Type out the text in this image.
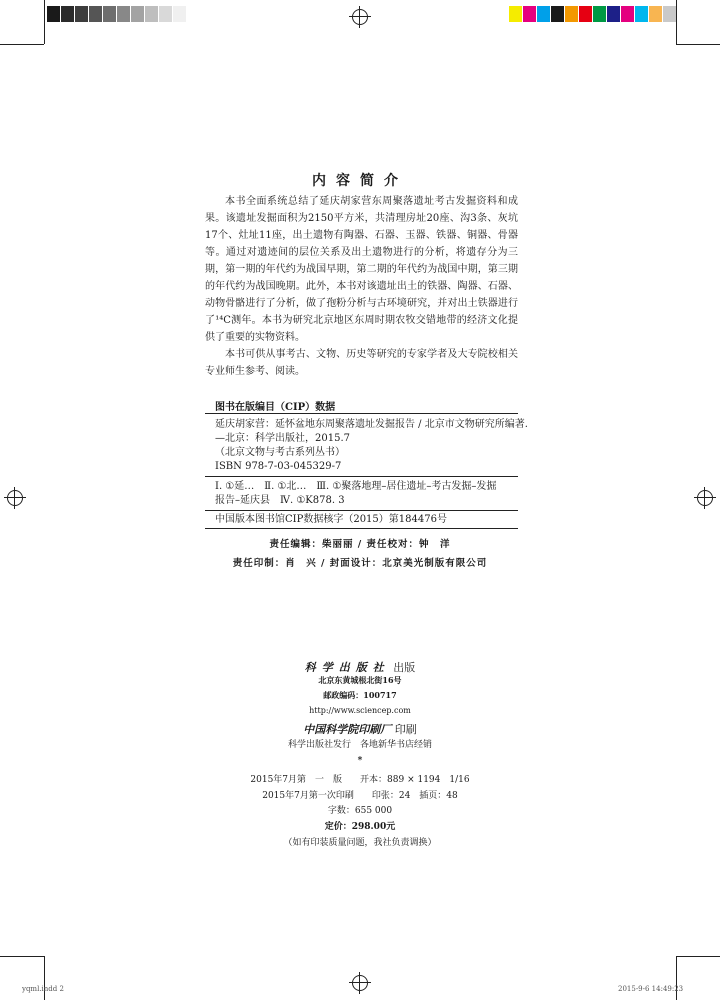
内容简介

本书全面系统总结了延庆胡家营东周聚落遗址考古发掘资料和成果。该遗址发掘面积为2150平方米，共清理房址20座、沟3条、灰坑17个、灶址11座，出土遗物有陶器、石器、玉器、铁器、铜器、骨器等。通过对遗迹间的层位关系及出土遗物进行的分析，将遗存分为三期，第一期的年代约为战国早期，第二期的年代约为战国中期，第三期的年代约为战国晚期。此外，本书对该遗址出土的铁器、陶器、石器、动物骨骼进行了分析，做了孢粉分析与古环境研究，并对出土铁器进行了¹⁴C测年。本书为研究北京地区东周时期农牧交错地带的经济文化提供了重要的实物资料。

本书可供从事考古、文物、历史等研究的专家学者及大专院校相关专业师生参考、阅读。

图书在版编目（CIP）数据
延庆胡家营：延怀盆地东周聚落遗址发掘报告 / 北京市文物研究所编著.
—北京：科学出版社，2015.7
（北京文物与考古系列丛书）
ISBN 978-7-03-045329-7
Ⅰ. ①延…　Ⅱ. ①北…　Ⅲ. ①聚落地理–居住遗址–考古发掘–发掘
报告–延庆县　Ⅳ. ①K878. 3
中国版本图书馆CIP数据核字（2015）第184476号
责任编辑：柴丽丽 / 责任校对：钟　洋
责任印制：肖　兴 / 封面设计：北京美光制版有限公司
科学出版社 出版
北京东黄城根北街16号
邮政编码：100717
http://www.sciencep.com
中国科学院印刷厂 印刷
科学出版社发行　各地新华书店经销
*
2015年7月第　一　版　　开本：889 × 1194　1/16
2015年7月第一次印刷　　印张：24　插页：48
字数：655 000
定价：298.00元
（如有印装质量问题，我社负责调换）
yqml.indd 2	2015-9-6 14:49:23
